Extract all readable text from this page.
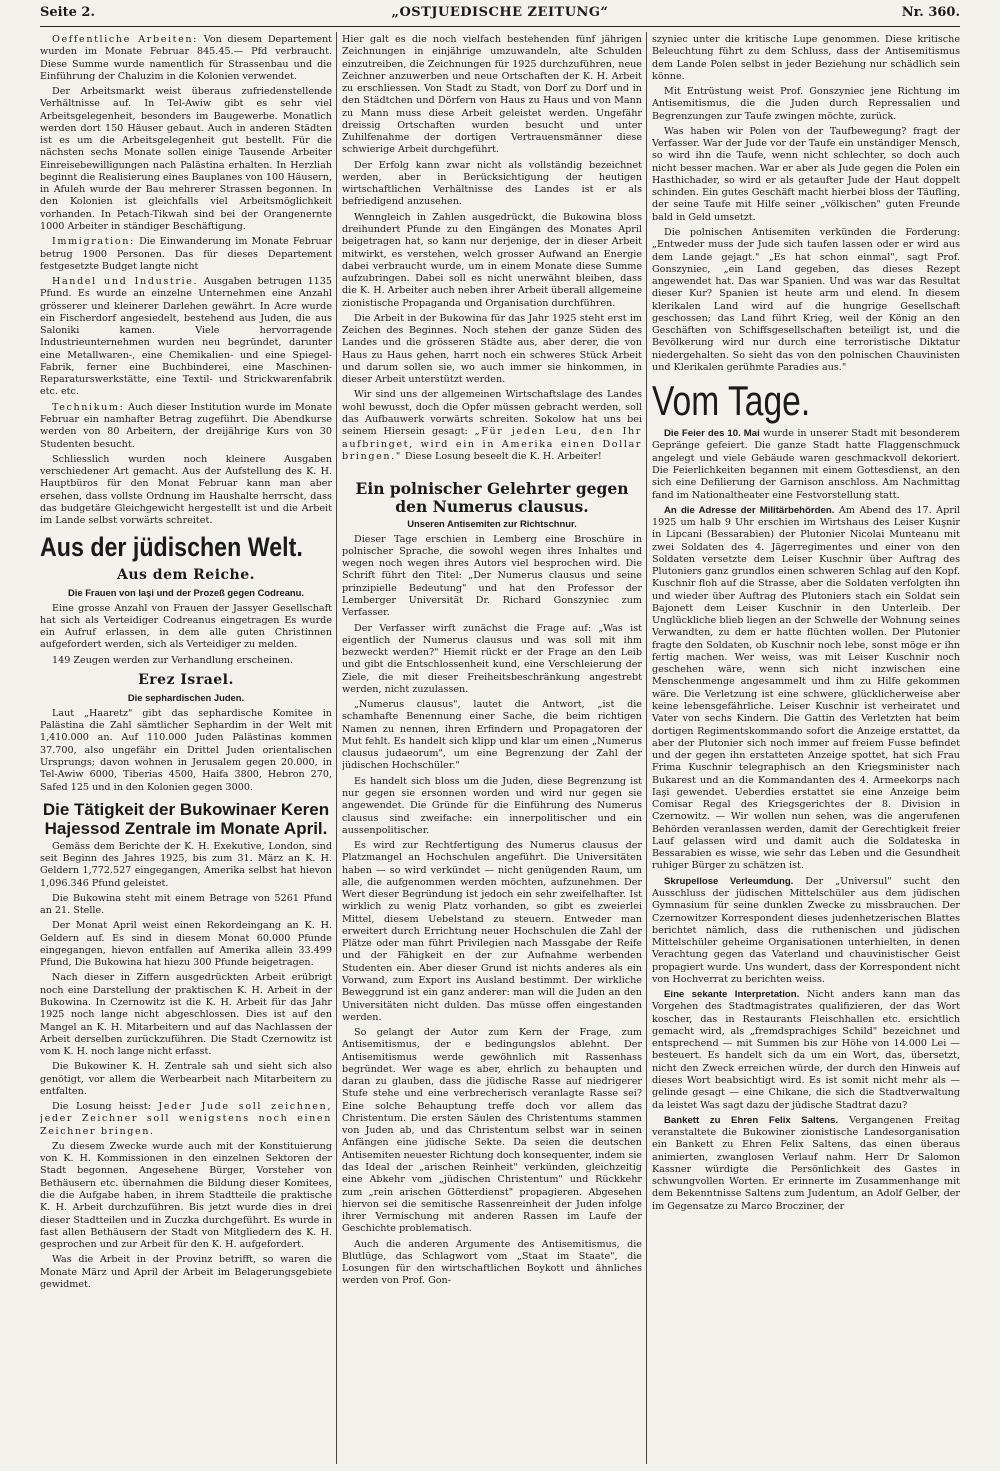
Seite 2.	„OSTJUEDISCHE ZEITUNG“	Nr. 360.

Oeffentliche Arbeiten: Von diesem Departement wurden im Monate Februar 845.45.— Pfd verbraucht. Diese Summe wurde namentlich für Strassenbau und die Einführung der Chaluzim in die Kolonien verwendet.

Der Arbeitsmarkt weist überaus zufriedenstellende Verhältnisse auf. In Tel-Awiw gibt es sehr viel Arbeitsgelegenheit, besonders im Baugewerbe. Monatlich werden dort 150 Häuser gebaut. Auch in anderen Städten ist es um die Arbeitsgelegenheit gut bestellt. Für die nächsten sechs Monate sollen einige Tausende Arbeiter Einreisebewilligungen nach Palästina erhalten. In Herzliah beginnt die Realisierung eines Bauplanes von 100 Häusern, in Afuleh wurde der Bau mehrerer Strassen begonnen. In den Kolonien ist gleichfalls viel Arbeitsmöglichkeit vorhanden. In Petach-Tikwah sind bei der Orangenernte 1000 Arbeiter in ständiger Beschäftigung.

Immigration: Die Einwanderung im Monate Februar betrug 1900 Personen. Das für dieses Departement festgesetzte Budget langte nicht

Handel und Industrie. Ausgaben betrugen 1135 Pfund. Es wurde an einzelne Unternehmen eine Anzahl grösserer und kleinerer Darlehen gewährt. In Acre wurde ein Fischerdorf angesiedelt, bestehend aus Juden, die aus Saloniki kamen. Viele hervorragende Industrieunternehmen wurden neu begründet, darunter eine Metallwaren-, eine Chemikalien- und eine Spiegel-Fabrik, ferner eine Buchbinderei, eine Maschinen-Reparaturswerkstätte, eine Textil- und Strickwarenfabrik etc. etc.

Technikum: Auch dieser Institution wurde im Monate Februar ein namhafter Betrag zugeführt. Die Abendkurse werden von 80 Arbeitern, der dreijährige Kurs von 30 Studenten besucht.

Schliesslich wurden noch kleinere Ausgaben verschiedener Art gemacht. Aus der Aufstellung des K. H. Hauptbüros für den Monat Februar kann man aber ersehen, dass vollste Ordnung im Haushalte herrscht, dass das budgetäre Gleichgewicht hergestellt ist und die Arbeit im Lande selbst vorwärts schreitet.

Aus der jüdischen Welt.
Aus dem Reiche.
Die Frauen von Iaşi und der Prozeß gegen Codreanu.

Eine grosse Anzahl von Frauen der Jassyer Gesellschaft hat sich als Verteidiger Codreanus eingetragen Es wurde ein Aufruf erlassen, in dem alle guten Christinnen aufgefordert werden, sich als Verteidiger zu melden.

149 Zeugen werden zur Verhandlung erscheinen.

Erez Israel.
Die sephardischen Juden.

Laut „Haaretz" gibt das sephardische Komitee in Palästina die Zahl sämtlicher Sephardim in der Welt mit 1,410.000 an. Auf 110.000 Juden Palästinas kommen 37.700, also ungefähr ein Drittel Juden orientalischen Ursprungs; davon wohnen in Jerusalem gegen 20.000, in Tel-Awiw 6000, Tiberias 4500, Haifa 3800, Hebron 270, Safed 125 und in den Kolonien gegen 3000.

Die Tätigkeit der Bukowinaer Keren Hajessod Zentrale im Monate April.

Gemäss dem Berichte der K. H. Exekutive, London, sind seit Beginn des Jahres 1925, bis zum 31. März an K. H. Geldern 1,772.527 eingegangen, Amerika selbst hat hievon 1,096.346 Pfund geleistet.

Die Bukowina steht mit einem Betrage von 5261 Pfund an 21. Stelle.

Der Monat April weist einen Rekordeingang an K. H. Geldern auf. Es sind in diesem Monat 60.000 Pfunde eingegangen, hievon entfallen auf Amerika allein 33.499 Pfund, Die Bukowina hat hiezu 300 Pfunde beigetragen.

Nach dieser in Ziffern ausgedrückten Arbeit erübrigt noch eine Darstellung der praktischen K. H. Arbeit in der Bukowina. In Czernowitz ist die K. H. Arbeit für das Jahr 1925 noch lange nicht abgeschlossen. Dies ist auf den Mangel an K. H. Mitarbeitern und auf das Nachlassen der Arbeit derselben zurückzuführen. Die Stadt Czernowitz ist vom K. H. noch lange nicht erfasst.

Die Bukowiner K. H. Zentrale sah und sieht sich also genötigt, vor allem die Werbearbeit nach Mitarbeitern zu entfalten.

Die Losung heisst: Jeder Jude soll zeichnen, jeder Zeichner soll wenigstens noch einen Zeichner bringen.

Zu diesem Zwecke wurde auch mit der Konstituierung von K. H. Kommissionen in den einzelnen Sektoren der Stadt begonnen. Angesehene Bürger, Vorsteher von Bethäusern etc. übernahmen die Bildung dieser Komitees, die die Aufgabe haben, in ihrem Stadtteile die praktische K. H. Arbeit durchzuführen. Bis jetzt wurde dies in drei dieser Stadtteilen und in Zuczka durchgeführt. Es wurde in fast allen Bethäusern der Stadt von Mitgliedern des K. H. gesprochen und zur Arbeit für den K. H. aufgefordert.

Was die Arbeit in der Provinz betrifft, so waren die Monate März und April der Arbeit im Belagerungsgebiete gewidmet.

Hier galt es die noch vielfach bestehenden fünf jährigen Zeichnungen in einjährige umzuwandeln, alte Schulden einzutreiben, die Zeichnungen für 1925 durchzuführen, neue Zeichner anzuwerben und neue Ortschaften der K. H. Arbeit zu erschliessen. Von Stadt zu Stadt, von Dorf zu Dorf und in den Städtchen und Dörfern von Haus zu Haus und von Mann zu Mann muss diese Arbeit geleistet werden. Ungefähr dreissig Ortschaften wurden besucht und unter Zuhilfenahme der dortigen Vertrauensmänner diese schwierige Arbeit durchgeführt.

Der Erfolg kann zwar nicht als vollständig bezeichnet werden, aber in Berücksichtigung der heutigen wirtschaftlichen Verhältnisse des Landes ist er als befriedigend anzusehen.

Wenngleich in Zahlen ausgedrückt, die Bukowina bloss dreihundert Pfunde zu den Eingängen des Monates April beigetragen hat, so kann nur derjenige, der in dieser Arbeit mitwirkt, es verstehen, welch grosser Aufwand an Energie dabei verbraucht wurde, um in einem Monate diese Summe aufzubringen. Dabei soll es nicht unerwähnt bleiben, dass die K. H. Arbeiter auch neben ihrer Arbeit überall allgemeine zionistische Propaganda und Organisation durchführen.

Die Arbeit in der Bukowina für das Jahr 1925 steht erst im Zeichen des Beginnes. Noch stehen der ganze Süden des Landes und die grösseren Städte aus, aber derer, die von Haus zu Haus gehen, harrt noch ein schweres Stück Arbeit und darum sollen sie, wo auch immer sie hinkommen, in dieser Arbeit unterstützt werden.

Wir sind uns der allgemeinen Wirtschaftslage des Landes wohl bewusst, doch die Opfer müssen gebracht werden, soll das Aufbauwerk vorwärts schreiten. Sokolow hat uns bei seinem Hiersein gesagt: „Für jeden Leu, den Ihr aufbringet, wird ein in Amerika einen Dollar bringen." Diese Losung beseelt die K. H. Arbeiter!

Ein polnischer Gelehrter gegen den Numerus clausus.
Unseren Antisemiten zur Richtschnur.

Dieser Tage erschien in Lemberg eine Broschüre in polnischer Sprache, die sowohl wegen ihres Inhaltes und wegen noch wegen ihres Autors viel besprochen wird. Die Schrift führt den Titel: „Der Numerus clausus und seine prinzipielle Bedeutung" und hat den Professor der Lemberger Universität Dr. Richard Gonszyniec zum Verfasser.

Der Verfasser wirft zunächst die Frage auf: „Was ist eigentlich der Numerus clausus und was soll mit ihm bezweckt werden?" Hiemit rückt er der Frage an den Leib und gibt die Entschlossenheit kund, eine Verschleierung der Ziele, die mit dieser Freiheitsbeschränkung angestrebt werden, nicht zuzulassen.

„Numerus clausus", lautet die Antwort, „ist die schamhafte Benennung einer Sache, die beim richtigen Namen zu nennen, ihren Erfindern und Propagatoren der Mut fehlt. Es handelt sich klipp und klar um einen „Numerus clausus judaeorum", um eine Begrenzung der Zahl der jüdischen Hochschüler."

Es handelt sich bloss um die Juden, diese Begrenzung ist nur gegen sie ersonnen worden und wird nur gegen sie angewendet. Die Gründe für die Einführung des Numerus clausus sind zweifache: ein innerpolitischer und ein aussenpolitischer.

Es wird zur Rechtfertigung des Numerus clausus der Platzmangel an Hochschulen angeführt. Die Universitäten haben — so wird verkündet — nicht genügenden Raum, um alle, die aufgenommen werden möchten, aufzunehmen. Der Wert dieser Begründung ist jedoch ein sehr zweifelhafter. Ist wirklich zu wenig Platz vorhanden, so gibt es zweierlei Mittel, diesem Uebelstand zu steuern. Entweder man erweitert durch Errichtung neuer Hochschulen die Zahl der Plätze oder man führt Privilegien nach Massgabe der Reife und der Fähigkeit en der zur Aufnahme werbenden Studenten ein. Aber dieser Grund ist nichts anderes als ein Vorwand, zum Export ins Ausland bestimmt. Der wirkliche Beweggrund ist ein ganz anderer: man will die Juden an den Universitäten nicht dulden. Das müsse offen eingestanden werden.

So gelangt der Autor zum Kern der Frage, zum Antisemitismus, der e bedingungslos ablehnt. Der Antisemitismus werde gewöhnlich mit Rassenhass begründet. Wer wage es aber, ehrlich zu behaupten und daran zu glauben, dass die jüdische Rasse auf niedrigerer Stufe stehe und eine verbrecherisch veranlagte Rasse sei? Eine solche Behauptung treffe doch vor allem das Christentum. Die ersten Säulen des Christentums stammen von Juden ab, und das Christentum selbst war in seinen Anfängen eine jüdische Sekte. Da seien die deutschen Antisemiten neuester Richtung doch konsequenter, indem sie das Ideal der „arischen Reinheit" verkünden, gleichzeitig eine Abkehr vom „jüdischen Christentum" und Rückkehr zum „rein arischen Götterdienst" propagieren. Abgesehen hiervon sei die semitische Rassenreinheit der Juden infolge ihrer Vermischung mit anderen Rassen im Laufe der Geschichte problematisch.

Auch die anderen Argumente des Antisemitismus, die Blutlüge, das Schlagwort vom „Staat im Staate", die Losungen für den wirtschaftlichen Boykott und ähnliches werden von Prof. Gon-

szyniec unter die kritische Lupe genommen. Diese kritische Beleuchtung führt zu dem Schluss, dass der Antisemitismus dem Lande Polen selbst in jeder Beziehung nur schädlich sein könne.

Mit Entrüstung weist Prof. Gonszyniec jene Richtung im Antisemitismus, die die Juden durch Repressalien und Begrenzungen zur Taufe zwingen möchte, zurück.

Was haben wir Polen von der Taufbewegung? fragt der Verfasser. War der Jude vor der Taufe ein unständiger Mensch, so wird ihn die Taufe, wenn nicht schlechter, so doch auch nicht besser machen. War er aber als Jude gegen die Polen ein Hasthichader, so wird er als getaufter Jude der Haut doppelt schinden. Ein gutes Geschäft macht hierbei bloss der Täufling, der seine Taufe mit Hilfe seiner „völkischen" guten Freunde bald in Geld umsetzt.

Die polnischen Antisemiten verkünden die Forderung: „Entweder muss der Jude sich taufen lassen oder er wird aus dem Lande gejagt." „Es hat schon einmal", sagt Prof. Gonszyniec, „ein Land gegeben, das dieses Rezept angewendet hat. Das war Spanien. Und was war das Resultat dieser Kur? Spanien ist heute arm und elend. In diesem klerikalen Land wird auf die hungrige Gesellschaft geschossen; das Land führt Krieg, weil der König an den Geschäften von Schiffsgesellschaften beteiligt ist, und die Bevölkerung wird nur durch eine terroristische Diktatur niedergehalten. So sieht das von den polnischen Chauvinisten und Klerikalen gerühmte Paradies aus."

Vom Tage.

Die Feier des 10. Mai wurde in unserer Stadt mit besonderem Gepränge gefeiert. Die ganze Stadt hatte Flaggenschmuck angelegt und viele Gebäude waren geschmackvoll dekoriert. Die Feierlichkeiten begannen mit einem Gottesdienst, an den sich eine Defilierung der Garnison anschloss. Am Nachmittag fand im Nationaltheater eine Festvorstellung statt.

An die Adresse der Militärbehörden. Am Abend des 17. April 1925 um halb 9 Uhr erschien im Wirtshaus des Leiser Kuşnir in Lipcani (Bessarabien) der Plutonier Nicolai Munteanu mit zwei Soldaten des 4. Jägerregimentes und einer von den Soldaten versetzte dem Leiser Kuschnir über Auftrag des Plutoniers ganz grundlos einen schweren Schlag auf den Kopf. Kuschnir floh auf die Strasse, aber die Soldaten verfolgten ihn und wieder über Auftrag des Plutoniers stach ein Soldat sein Bajonett dem Leiser Kuschnir in den Unterleib. Der Unglückliche blieb liegen an der Schwelle der Wohnung seines Verwandten, zu dem er hatte flüchten wollen. Der Plutonier fragte den Soldaten, ob Kuschnir noch lebe, sonst möge er ihn fertig machen. Wer weiss, was mit Leiser Kuschnir noch geschehen wäre, wenn sich nicht inzwischen eine Menschenmenge angesammelt und ihm zu Hilfe gekommen wäre. Die Verletzung ist eine schwere, glücklicherweise aber keine lebensgefährliche. Leiser Kuschnir ist verheiratet und Vater von sechs Kindern. Die Gattin des Verletzten hat beim dortigen Regimentskommando sofort die Anzeige erstattet, da aber der Plutonier sich noch immer auf freiem Fusse befindet und der gegen ihn erstatteten Anzeige spottet, hat sich Frau Frima Kuschnir telegraphisch an den Kriegsminister nach Bukarest und an die Kommandanten des 4. Armeekorps nach Iaşi gewendet. Ueberdies erstattet sie eine Anzeige beim Comisar Regal des Kriegsgerichtes der 8. Division in Czernowitz. — Wir wollen nun sehen, was die angerufenen Behörden veranlassen werden, damit der Gerechtigkeit freier Lauf gelassen wird und damit auch die Soldateska in Bessarabien es wisse, wie sehr das Leben und die Gesundheit ruhiger Bürger zu schätzen ist.

Skrupellose Verleumdung. Der „Universul" sucht den Ausschluss der jüdischen Mittelschüler aus dem jüdischen Gymnasium für seine dunklen Zwecke zu missbrauchen. Der Czernowitzer Korrespondent dieses judenhetzerischen Blattes berichtet nämlich, dass die ruthenischen und jüdischen Mittelschüler geheime Organisationen unterhielten, in denen Verachtung gegen das Vaterland und chauvinistischer Geist propagiert wurde. Uns wundert, dass der Korrespondent nicht von Hochverrat zu berichten weiss.

Eine sekante Interpretation. Nicht anders kann man das Vorgehen des Stadtmagistrates qualifizieren, der das Wort koscher, das in Restaurants Fleischhallen etc. ersichtlich gemacht wird, als „fremdsprachiges Schild" bezeichnet und entsprechend — mit Summen bis zur Höhe von 14.000 Lei — besteuert. Es handelt sich da um ein Wort, das, übersetzt, nicht den Zweck erreichen würde, der durch den Hinweis auf dieses Wort beabsichtigt wird. Es ist somit nicht mehr als — gelinde gesagt — eine Chikane, die sich die Stadtverwaltung da leistet Was sagt dazu der jüdische Stadtrat dazu?

Bankett zu Ehren Felix Saltens. Vergangenen Freitag veranstaltete die Bukowiner zionistische Landesorganisation ein Bankett zu Ehren Felix Saltens, das einen überaus animierten, zwanglosen Verlauf nahm. Herr Dr Salomon Kassner würdigte die Persönlichkeit des Gastes in schwungvollen Worten. Er erinnerte im Zusammenhange mit dem Bekenntnisse Saltens zum Judentum, an Adolf Gelber, der im Gegensatze zu Marco Brocziner, der
